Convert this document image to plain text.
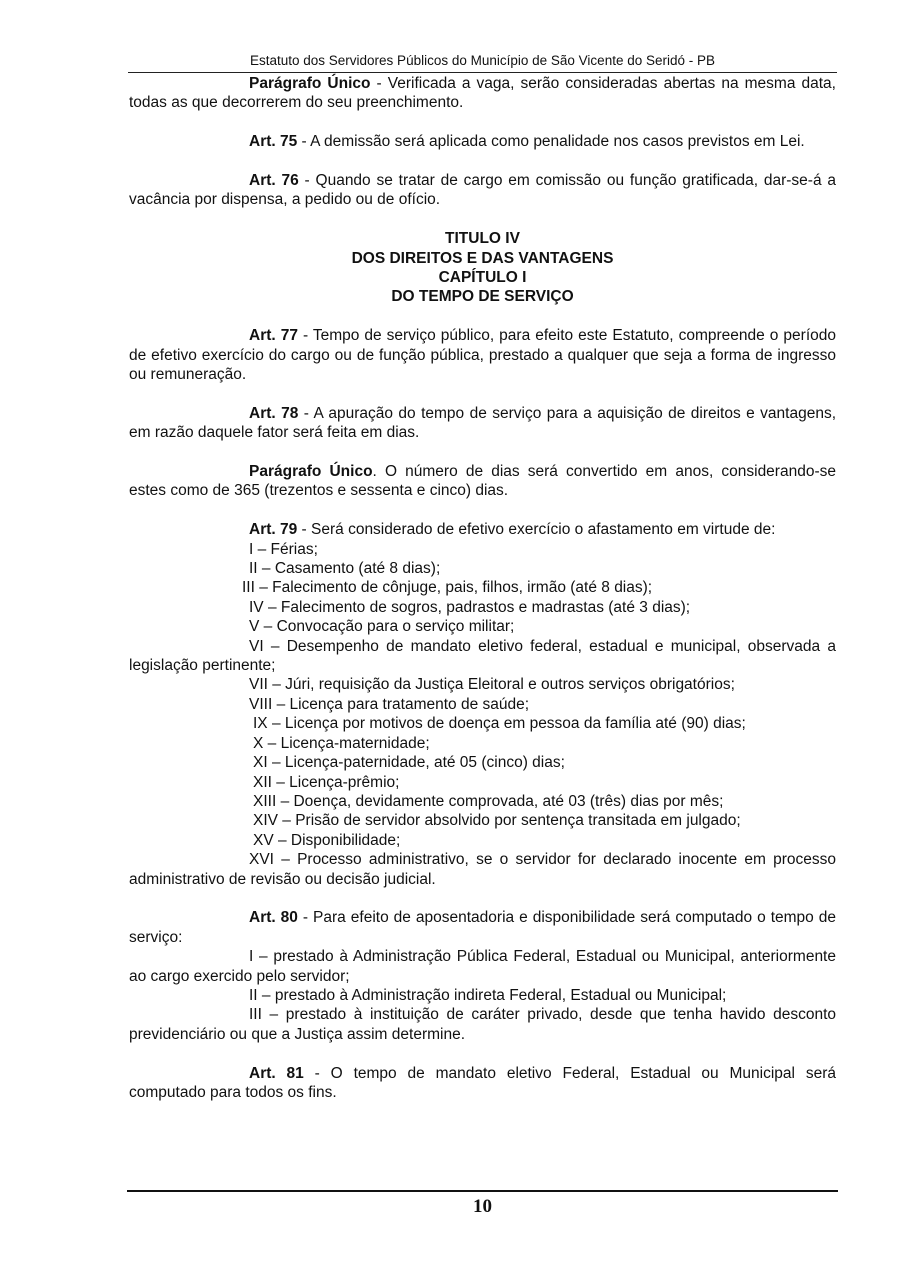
Estatuto dos Servidores Públicos do Município de São Vicente do Seridó - PB

Parágrafo Único - Verificada a vaga, serão consideradas abertas na mesma data, todas as que decorrerem do seu preenchimento.

Art. 75 - A demissão será aplicada como penalidade nos casos previstos em Lei.

Art. 76 - Quando se tratar de cargo em comissão ou função gratificada, dar-se-á a vacância por dispensa, a pedido ou de ofício.

TITULO IV

DOS DIREITOS E DAS VANTAGENS

CAPÍTULO I

DO TEMPO DE SERVIÇO

Art. 77 - Tempo de serviço público, para efeito este Estatuto, compreende o período de efetivo exercício do cargo ou de função pública, prestado a qualquer que seja a forma de ingresso ou remuneração.

Art. 78 - A apuração do tempo de serviço para a aquisição de direitos e vantagens, em razão daquele fator será feita em dias.

Parágrafo Único. O número de dias será convertido em anos, considerando-se estes como de 365 (trezentos e sessenta e cinco) dias.

Art. 79 - Será considerado de efetivo exercício o afastamento em virtude de:

I – Férias;

II – Casamento (até 8 dias);

III – Falecimento de cônjuge, pais, filhos, irmão (até 8 dias);

IV – Falecimento de sogros, padrastos e madrastas (até 3 dias);

V – Convocação para o serviço militar;

VI – Desempenho de mandato eletivo federal, estadual e municipal, observada a legislação pertinente;

VII – Júri, requisição da Justiça Eleitoral e outros serviços obrigatórios;

VIII – Licença para tratamento de saúde;

IX – Licença por motivos de doença em pessoa da família até (90) dias;

X – Licença-maternidade;

XI – Licença-paternidade, até 05 (cinco) dias;

XII – Licença-prêmio;

XIII – Doença, devidamente comprovada, até 03 (três) dias por mês;

XIV – Prisão de servidor absolvido por sentença transitada em julgado;

XV – Disponibilidade;

XVI – Processo administrativo, se o servidor for declarado inocente em processo administrativo de revisão ou decisão judicial.

Art. 80 - Para efeito de aposentadoria e disponibilidade será computado o tempo de serviço:

I – prestado à Administração Pública Federal, Estadual ou Municipal, anteriormente ao cargo exercido pelo servidor;

II – prestado à Administração indireta Federal, Estadual ou Municipal;

III – prestado à instituição de caráter privado, desde que tenha havido desconto previdenciário ou que a Justiça assim determine.

Art. 81 - O tempo de mandato eletivo Federal, Estadual ou Municipal será computado para todos os fins.

10
